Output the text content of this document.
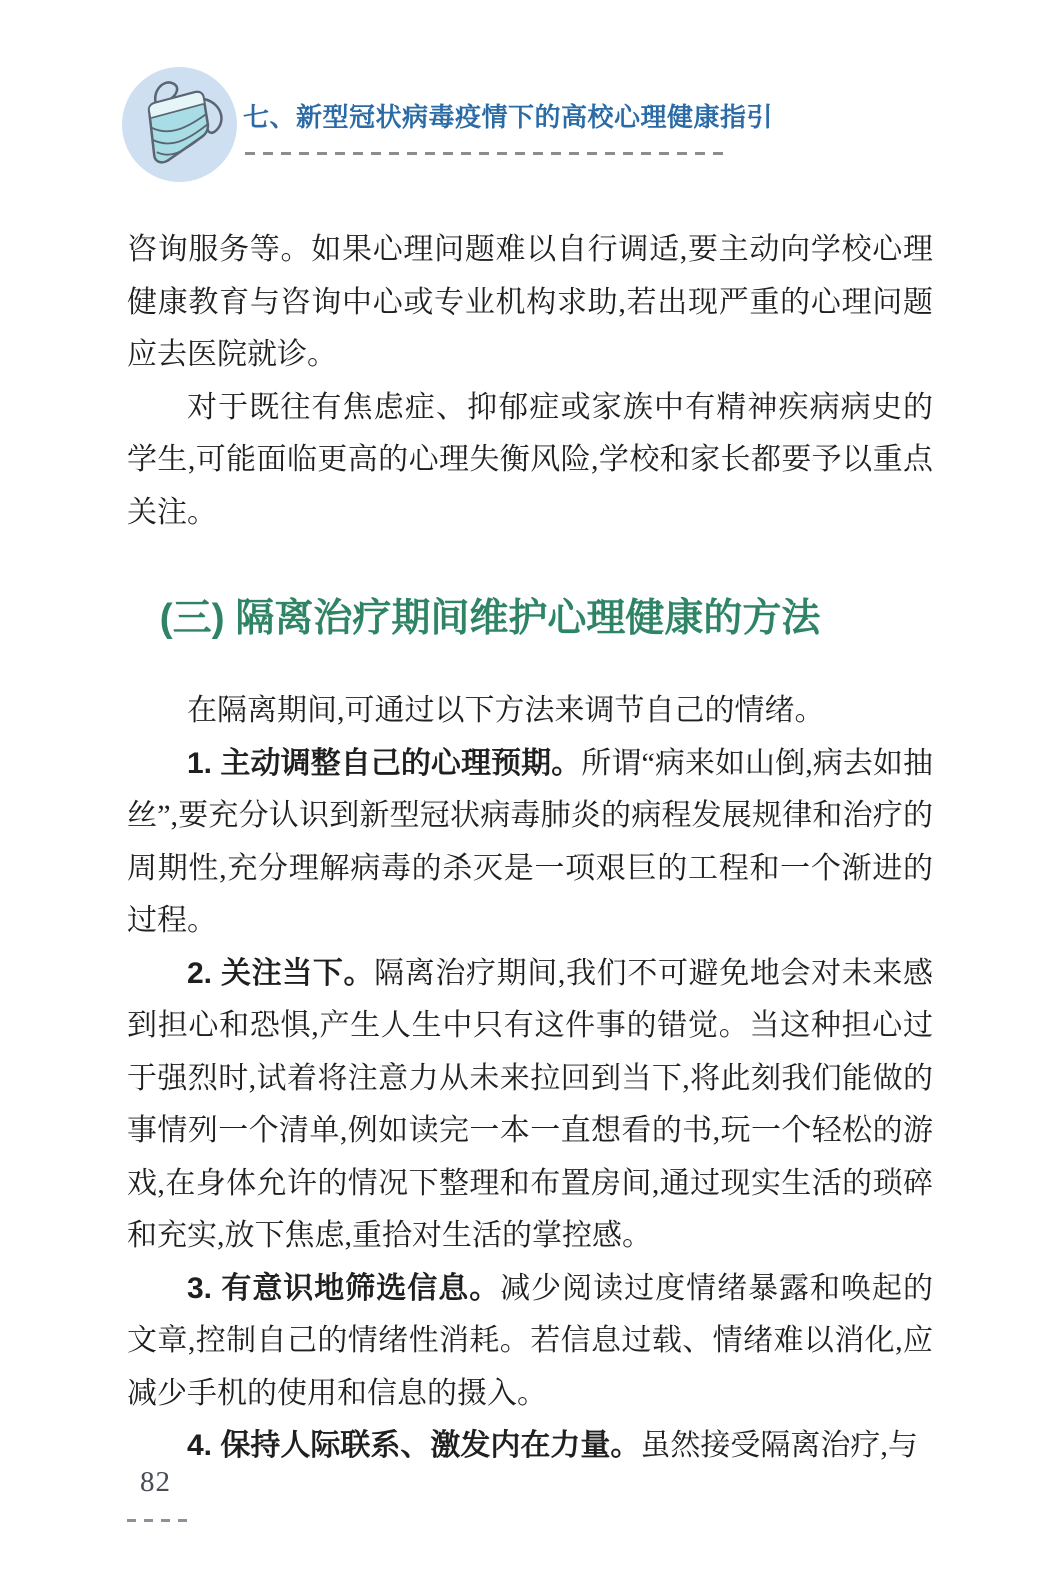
七、新型冠状病毒疫情下的高校心理健康指引

咨询服务等。如果心理问题难以自行调适,要主动向学校心理健康教育与咨询中心或专业机构求助,若出现严重的心理问题应去医院就诊。

对于既往有焦虑症、抑郁症或家族中有精神疾病病史的学生,可能面临更高的心理失衡风险,学校和家长都要予以重点关注。

(三) 隔离治疗期间维护心理健康的方法

在隔离期间,可通过以下方法来调节自己的情绪。

1. 主动调整自己的心理预期。所谓“病来如山倒,病去如抽丝”,要充分认识到新型冠状病毒肺炎的病程发展规律和治疗的周期性,充分理解病毒的杀灭是一项艰巨的工程和一个渐进的过程。

2. 关注当下。隔离治疗期间,我们不可避免地会对未来感到担心和恐惧,产生人生中只有这件事的错觉。当这种担心过于强烈时,试着将注意力从未来拉回到当下,将此刻我们能做的事情列一个清单,例如读完一本一直想看的书,玩一个轻松的游戏,在身体允许的情况下整理和布置房间,通过现实生活的琐碎和充实,放下焦虑,重拾对生活的掌控感。

3. 有意识地筛选信息。减少阅读过度情绪暴露和唤起的文章,控制自己的情绪性消耗。若信息过载、情绪难以消化,应减少手机的使用和信息的摄入。

4. 保持人际联系、激发内在力量。虽然接受隔离治疗,与

82
